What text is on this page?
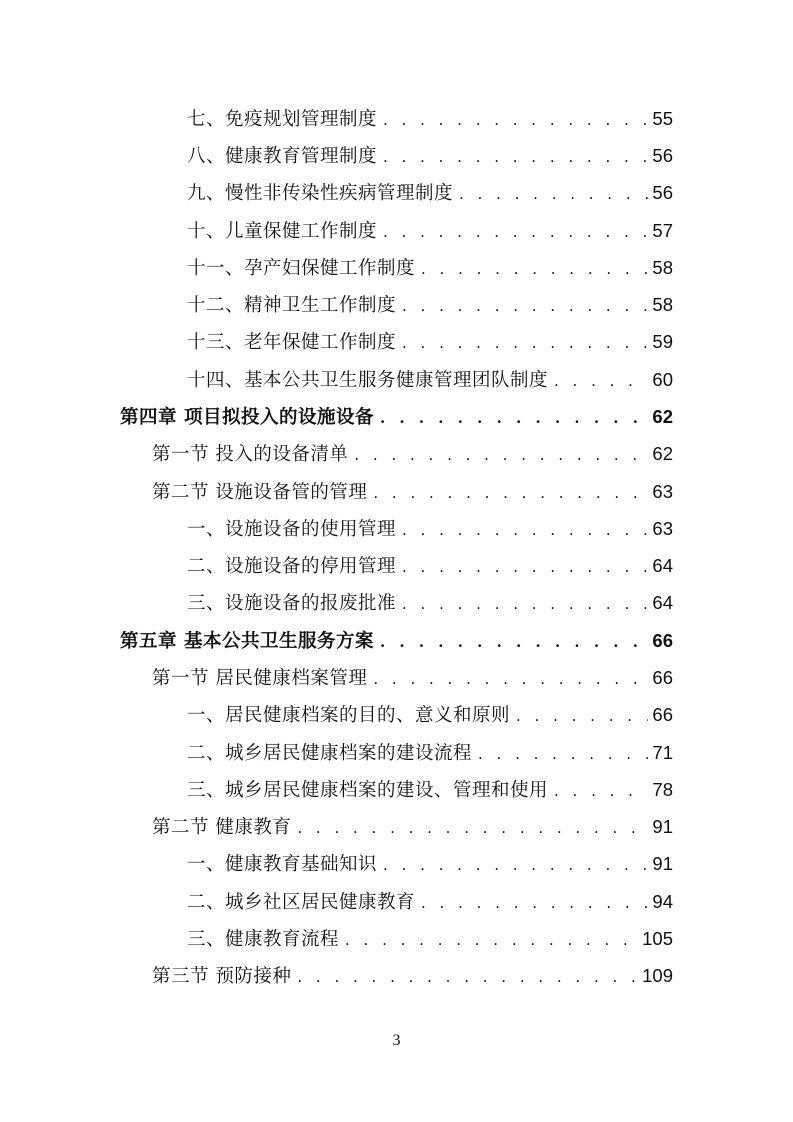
七、免疫规划管理制度 . . .	55
八、健康教育管理制度 . . .	56
九、慢性非传染性疾病管理制度 . . .	56
十、儿童保健工作制度 . . .	57
十一、孕产妇保健工作制度 . . .	58
十二、精神卫生工作制度 . . .	58
十三、老年保健工作制度 . . .	59
十四、基本公共卫生服务健康管理团队制度 . . .	60
第四章 项目拟投入的设施设备 . . .	62
第一节 投入的设备清单 . . .	62
第二节 设施设备管的管理 . . .	63
一、设施设备的使用管理 . . .	63
二、设施设备的停用管理 . . .	64
三、设施设备的报废批准 . . .	64
第五章 基本公共卫生服务方案 . . .	66
第一节 居民健康档案管理 . . .	66
一、居民健康档案的目的、意义和原则 . . .	66
二、城乡居民健康档案的建设流程 . . .	71
三、城乡居民健康档案的建设、管理和使用 . . .	78
第二节 健康教育 . . .	91
一、健康教育基础知识 . . .	91
二、城乡社区居民健康教育 . . .	94
三、健康教育流程 . . .	105
第三节 预防接种 . . .	109
3
